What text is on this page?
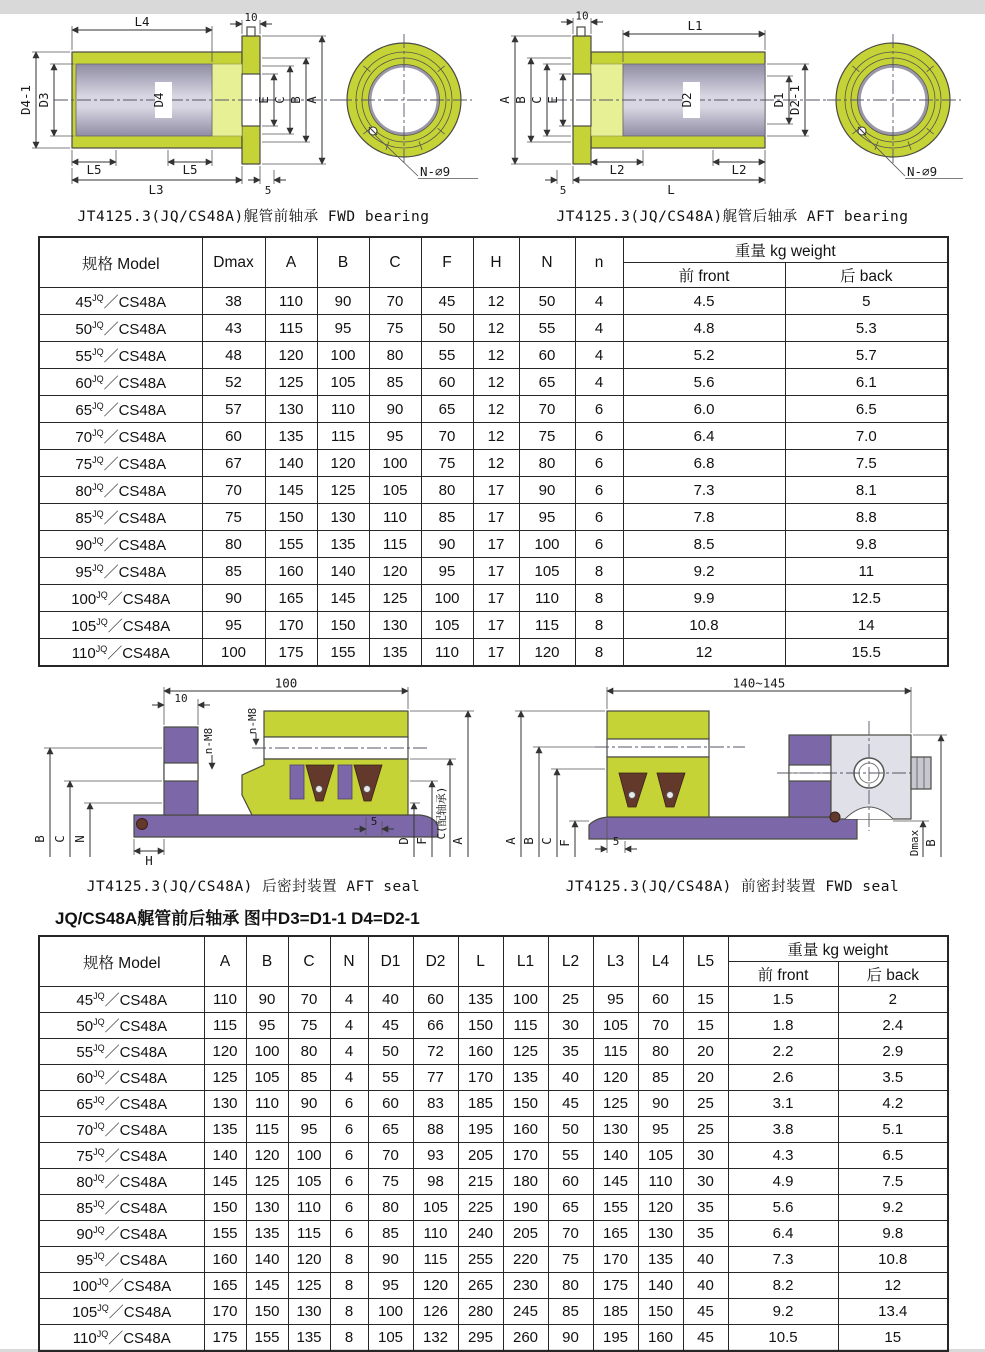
L4	10
D4-1 D3	D4	E C B A
L5	L5
L3	5
N-∅9
JT4125.3(JQ/CS48A)艉管前轴承 FWD bearing
10
L1
A B C E	D2	D1 D2-1
L2	L2
5	L
N-∅9
JT4125.3(JQ/CS48A)艉管后轴承 AFT bearing
规格 Model	Dmax	A	B	C	F	H	N	n	重量 kg weight	
									前 front	后 back
$45^{JQ}/CS48A$	38	110	90	70	45	12	50	4	4.5	5
$50^{JQ}/CS48A$	43	115	95	75	50	12	55	4	4.8	5.3
$55^{JQ}/CS48A$	48	120	100	80	55	12	60	4	5.2	5.7
$60^{JQ}/CS48A$	52	125	105	85	60	12	65	4	5.6	6.1
$65^{JQ}/CS48A$	57	130	110	90	65	12	70	6	6.0	6.5
$70^{JQ}/CS48A$	60	135	115	95	70	12	75	6	6.4	7.0
$75^{JQ}/CS48A$	67	140	120	100	75	12	80	6	6.8	7.5
$80^{JQ}/CS48A$	70	145	125	105	80	17	90	6	7.3	8.1
$85^{JQ}/CS48A$	75	150	130	110	85	17	95	6	7.8	8.8
$90^{JQ}/CS48A$	80	155	135	115	90	17	100	6	8.5	9.8
$95^{JQ}/CS48A$	85	160	140	120	95	17	105	8	9.2	11
$100^{JQ}/CS48A$	90	165	145	125	100	17	110	8	9.9	12.5
$105^{JQ}/CS48A$	95	170	150	130	105	17	115	8	10.8	14
$110^{JQ}/CS48A$	100	175	155	135	110	17	120	8	12	15.5
100
10
n-M8
n-M8
B C N
H
5
D F
C(配轴承)
A
JT4125.3(JQ/CS48A) 后密封装置 AFT seal
140~145
A B C F	5	Dmax B
JT4125.3(JQ/CS48A) 前密封装置 FWD seal
JQ/CS48A艉管前后轴承 图中D3=D1-1 D4=D2-1
规格 Model	A	B	C	N	D1	D2	L	L1	L2	L3	L4	L5	重量 kg weight	
													前 front	后 back
$45^{JQ}/CS48A$	110	90	70	4	40	60	135	100	25	95	60	15	1.5	2
$50^{JQ}/CS48A$	115	95	75	4	45	66	150	115	30	105	70	15	1.8	2.4
$55^{JQ}/CS48A$	120	100	80	4	50	72	160	125	35	115	80	20	2.2	2.9
$60^{JQ}/CS48A$	125	105	85	4	55	77	170	135	40	120	85	20	2.6	3.5
$65^{JQ}/CS48A$	130	110	90	6	60	83	185	150	45	125	90	25	3.1	4.2
$70^{JQ}/CS48A$	135	115	95	6	65	88	195	160	50	130	95	25	3.8	5.1
$75^{JQ}/CS48A$	140	120	100	6	70	93	205	170	55	140	105	30	4.3	6.5
$80^{JQ}/CS48A$	145	125	105	6	75	98	215	180	60	145	110	30	4.9	7.5
$85^{JQ}/CS48A$	150	130	110	6	80	105	225	190	65	155	120	35	5.6	9.2
$90^{JQ}/CS48A$	155	135	115	6	85	110	240	205	70	165	130	35	6.4	9.8
$95^{JQ}/CS48A$	160	140	120	8	90	115	255	220	75	170	135	40	7.3	10.8
$100^{JQ}/CS48A$	165	145	125	8	95	120	265	230	80	175	140	40	8.2	12
$105^{JQ}/CS48A$	170	150	130	8	100	126	280	245	85	185	150	45	9.2	13.4
$110^{JQ}/CS48A$	175	155	135	8	105	132	295	260	90	195	160	45	10.5	15
